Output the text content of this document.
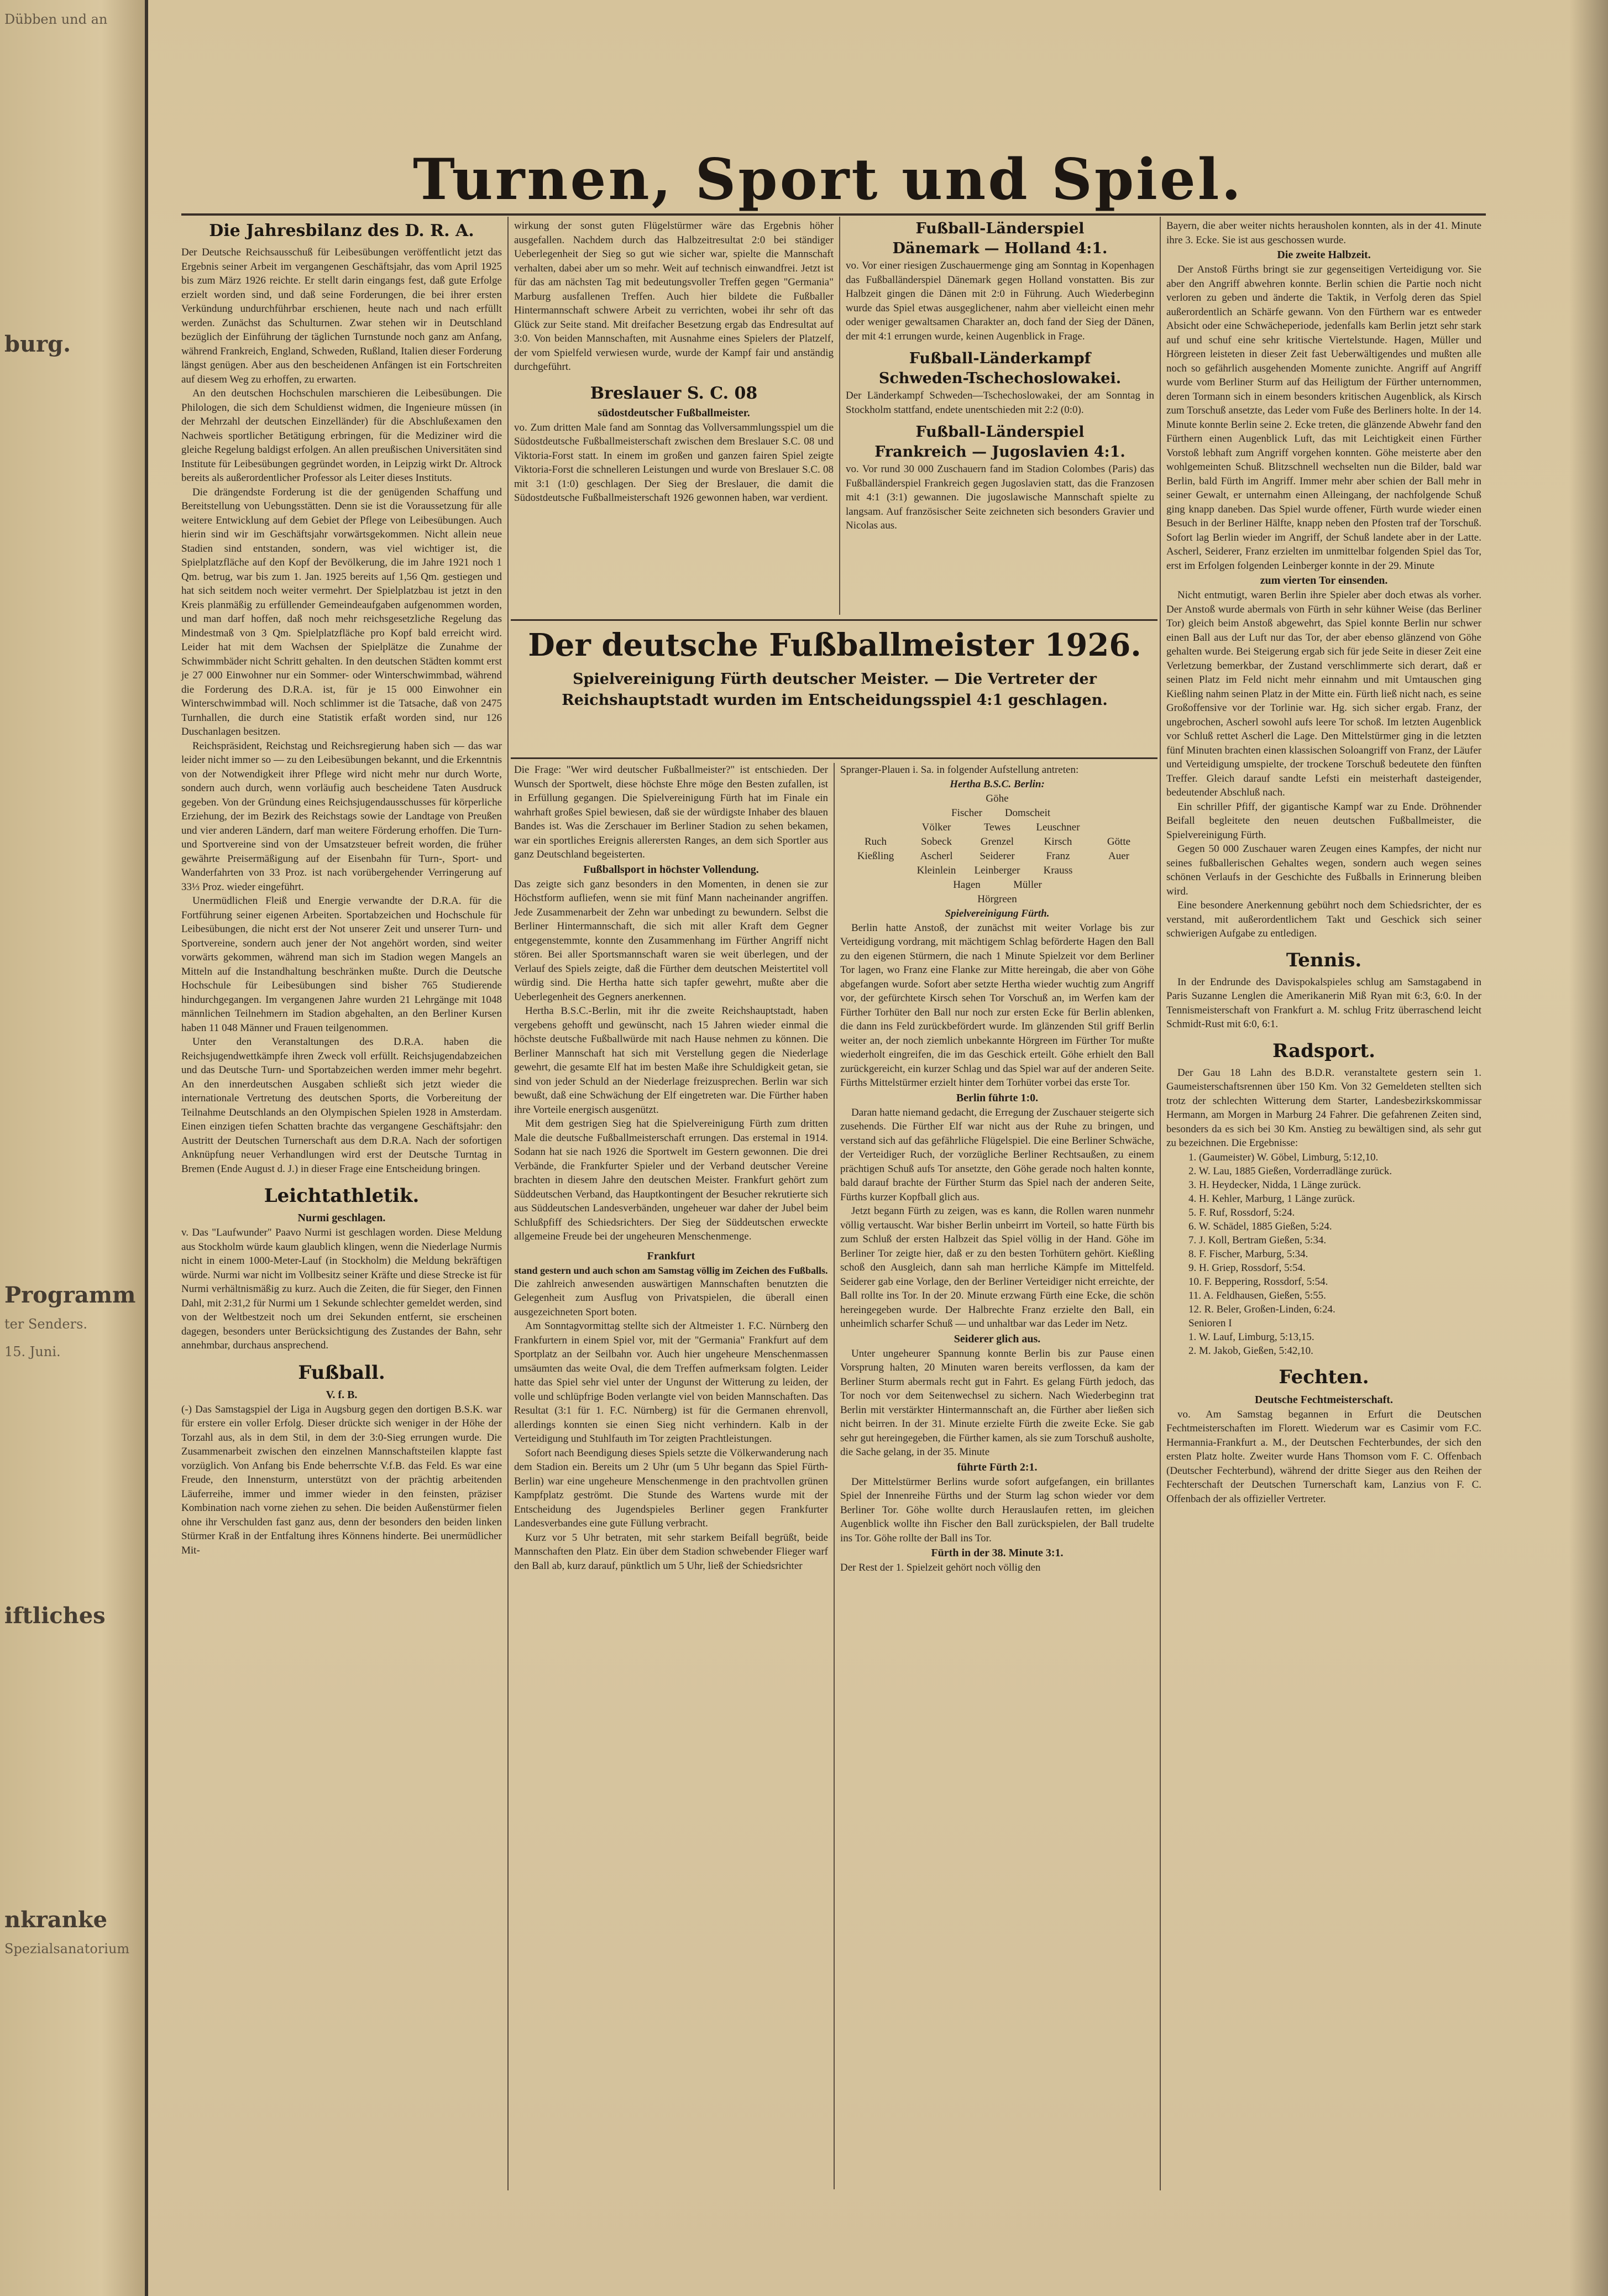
Dübben und an
burg.
Programm
ter Senders.
15. Juni.
iftliches
nkranke
Spezialsanatorium
Turnen, Sport und Spiel.
Die Jahresbilanz des D. R. A.

Der Deutsche Reichsausschuß für Leibesübungen veröffentlicht jetzt das Ergebnis seiner Arbeit im vergangenen Geschäftsjahr, das vom April 1925 bis zum März 1926 reichte. Er stellt darin eingangs fest, daß gute Erfolge erzielt worden sind, und daß seine Forderungen, die bei ihrer ersten Verkündung undurchführbar erschienen, heute nach und nach erfüllt werden. Zunächst das Schulturnen. Zwar stehen wir in Deutschland bezüglich der Einführung der täglichen Turnstunde noch ganz am Anfang, während Frankreich, England, Schweden, Rußland, Italien dieser Forderung längst genügen. Aber aus den bescheidenen Anfängen ist ein Fortschreiten auf diesem Weg zu erhoffen, zu erwarten.

An den deutschen Hochschulen marschieren die Leibesübungen. Die Philologen, die sich dem Schuldienst widmen, die Ingenieure müssen (in der Mehrzahl der deutschen Einzelländer) für die Abschlußexamen den Nachweis sportlicher Betätigung erbringen, für die Mediziner wird die gleiche Regelung baldigst erfolgen. An allen preußischen Universitäten sind Institute für Leibesübungen gegründet worden, in Leipzig wirkt Dr. Altrock bereits als außerordentlicher Professor als Leiter dieses Instituts.

Die drängendste Forderung ist die der genügenden Schaffung und Bereitstellung von Uebungsstätten. Denn sie ist die Voraussetzung für alle weitere Entwicklung auf dem Gebiet der Pflege von Leibesübungen. Auch hierin sind wir im Geschäftsjahr vorwärtsgekommen. Nicht allein neue Stadien sind entstanden, sondern, was viel wichtiger ist, die Spielplatzfläche auf den Kopf der Bevölkerung, die im Jahre 1921 noch 1 Qm. betrug, war bis zum 1. Jan. 1925 bereits auf 1,56 Qm. gestiegen und hat sich seitdem noch weiter vermehrt. Der Spielplatzbau ist jetzt in den Kreis planmäßig zu erfüllender Gemeindeaufgaben aufgenommen worden, und man darf hoffen, daß noch mehr reichsgesetzliche Regelung das Mindestmaß von 3 Qm. Spielplatzfläche pro Kopf bald erreicht wird. Leider hat mit dem Wachsen der Spielplätze die Zunahme der Schwimmbäder nicht Schritt gehalten. In den deutschen Städten kommt erst je 27 000 Einwohner nur ein Sommer- oder Winterschwimmbad, während die Forderung des D.R.A. ist, für je 15 000 Einwohner ein Winterschwimmbad will. Noch schlimmer ist die Tatsache, daß von 2475 Turnhallen, die durch eine Statistik erfaßt worden sind, nur 126 Duschanlagen besitzen.

Reichspräsident, Reichstag und Reichsregierung haben sich — das war leider nicht immer so — zu den Leibesübungen bekannt, und die Erkenntnis von der Notwendigkeit ihrer Pflege wird nicht mehr nur durch Worte, sondern auch durch, wenn vorläufig auch bescheidene Taten Ausdruck gegeben. Von der Gründung eines Reichsjugendausschusses für körperliche Erziehung, der im Bezirk des Reichstags sowie der Landtage von Preußen und vier anderen Ländern, darf man weitere Förderung erhoffen. Die Turn- und Sportvereine sind von der Umsatzsteuer befreit worden, die früher gewährte Preisermäßigung auf der Eisenbahn für Turn-, Sport- und Wanderfahrten von 33 Proz. ist nach vorübergehender Verringerung auf 33⅓ Proz. wieder eingeführt.

Unermüdlichen Fleiß und Energie verwandte der D.R.A. für die Fortführung seiner eigenen Arbeiten. Sportabzeichen und Hochschule für Leibesübungen, die nicht erst der Not unserer Zeit und unserer Turn- und Sportvereine, sondern auch jener der Not angehört worden, sind weiter vorwärts gekommen, während man sich im Stadion wegen Mangels an Mitteln auf die Instandhaltung beschränken mußte. Durch die Deutsche Hochschule für Leibesübungen sind bisher 765 Studierende hindurchgegangen. Im vergangenen Jahre wurden 21 Lehrgänge mit 1048 männlichen Teilnehmern im Stadion abgehalten, an den Berliner Kursen haben 11 048 Männer und Frauen teilgenommen.

Unter den Veranstaltungen des D.R.A. haben die Reichsjugendwettkämpfe ihren Zweck voll erfüllt. Reichsjugendabzeichen und das Deutsche Turn- und Sportabzeichen werden immer mehr begehrt. An den innerdeutschen Ausgaben schließt sich jetzt wieder die internationale Vertretung des deutschen Sports, die Vorbereitung der Teilnahme Deutschlands an den Olympischen Spielen 1928 in Amsterdam. Einen einzigen tiefen Schatten brachte das vergangene Geschäftsjahr: den Austritt der Deutschen Turnerschaft aus dem D.R.A. Nach der sofortigen Anknüpfung neuer Verhandlungen wird erst der Deutsche Turntag in Bremen (Ende August d. J.) in dieser Frage eine Entscheidung bringen.

Leichtathletik.
Nurmi geschlagen.

v. Das "Laufwunder" Paavo Nurmi ist geschlagen worden. Diese Meldung aus Stockholm würde kaum glaublich klingen, wenn die Niederlage Nurmis nicht in einem 1000-Meter-Lauf (in Stockholm) die Meldung bekräftigen würde. Nurmi war nicht im Vollbesitz seiner Kräfte und diese Strecke ist für Nurmi verhältnismäßig zu kurz. Auch die Zeiten, die für Sieger, den Finnen Dahl, mit 2:31,2 für Nurmi um 1 Sekunde schlechter gemeldet werden, sind von der Weltbestzeit noch um drei Sekunden entfernt, sie erscheinen dagegen, besonders unter Berücksichtigung des Zustandes der Bahn, sehr annehmbar, durchaus ansprechend.

Fußball.
V. f. B.

(-) Das Samstagspiel der Liga in Augsburg gegen den dortigen B.S.K. war für erstere ein voller Erfolg. Dieser drückte sich weniger in der Höhe der Torzahl aus, als in dem Stil, in dem der 3:0-Sieg errungen wurde. Die Zusammenarbeit zwischen den einzelnen Mannschaftsteilen klappte fast vorzüglich. Von Anfang bis Ende beherrschte V.f.B. das Feld. Es war eine Freude, den Innensturm, unterstützt von der prächtig arbeitenden Läuferreihe, immer und immer wieder in den feinsten, präziser Kombination nach vorne ziehen zu sehen. Die beiden Außenstürmer fielen ohne ihr Verschulden fast ganz aus, denn der besonders den beiden linken Stürmer Kraß in der Entfaltung ihres Könnens hinderte. Bei unermüdlicher Mit-

wirkung der sonst guten Flügelstürmer wäre das Ergebnis höher ausgefallen. Nachdem durch das Halbzeitresultat 2:0 bei ständiger Ueberlegenheit der Sieg so gut wie sicher war, spielte die Mannschaft verhalten, dabei aber um so mehr. Weit auf technisch einwandfrei. Jetzt ist für das am nächsten Tag mit bedeutungsvoller Treffen gegen "Germania" Marburg ausfallenen Treffen. Auch hier bildete die Fußballer Hintermannschaft schwere Arbeit zu verrichten, wobei ihr sehr oft das Glück zur Seite stand. Mit dreifacher Besetzung ergab das Endresultat auf 3:0. Von beiden Mannschaften, mit Ausnahme eines Spielers der Platzelf, der vom Spielfeld verwiesen wurde, wurde der Kampf fair und anständig durchgeführt.

Breslauer S. C. 08
südostdeutscher Fußballmeister.

vo. Zum dritten Male fand am Sonntag das Vollversammlungsspiel um die Südostdeutsche Fußballmeisterschaft zwischen dem Breslauer S.C. 08 und Viktoria-Forst statt. In einem im großen und ganzen fairen Spiel zeigte Viktoria-Forst die schnelleren Leistungen und wurde von Breslauer S.C. 08 mit 3:1 (1:0) geschlagen. Der Sieg der Breslauer, die damit die Südostdeutsche Fußballmeisterschaft 1926 gewonnen haben, war verdient.

Fußball-Länderspiel
Dänemark — Holland 4:1.

vo. Vor einer riesigen Zuschauermenge ging am Sonntag in Kopenhagen das Fußballänderspiel Dänemark gegen Holland vonstatten. Bis zur Halbzeit gingen die Dänen mit 2:0 in Führung. Auch Wiederbeginn wurde das Spiel etwas ausgeglichener, nahm aber vielleicht einen mehr oder weniger gewaltsamen Charakter an, doch fand der Sieg der Dänen, der mit 4:1 errungen wurde, keinen Augenblick in Frage.

Fußball-Länderkampf
Schweden-Tschechoslowakei.

Der Länderkampf Schweden—Tschechoslowakei, der am Sonntag in Stockholm stattfand, endete unentschieden mit 2:2 (0:0).

Fußball-Länderspiel
Frankreich — Jugoslavien 4:1.

vo. Vor rund 30 000 Zuschauern fand im Stadion Colombes (Paris) das Fußballänderspiel Frankreich gegen Jugoslavien statt, das die Franzosen mit 4:1 (3:1) gewannen. Die jugoslawische Mannschaft spielte zu langsam. Auf französischer Seite zeichneten sich besonders Gravier und Nicolas aus.

Der deutsche Fußballmeister 1926.
Spielvereinigung Fürth deutscher Meister. — Die Vertreter der Reichshauptstadt wurden im Entscheidungsspiel 4:1 geschlagen.

Die Frage: "Wer wird deutscher Fußballmeister?" ist entschieden. Der Wunsch der Sportwelt, diese höchste Ehre möge den Besten zufallen, ist in Erfüllung gegangen. Die Spielvereinigung Fürth hat im Finale ein wahrhaft großes Spiel bewiesen, daß sie der würdigste Inhaber des blauen Bandes ist. Was die Zerschauer im Berliner Stadion zu sehen bekamen, war ein sportliches Ereignis allerersten Ranges, an dem sich Sportler aus ganz Deutschland begeisterten.

Fußballsport in höchster Vollendung.

Das zeigte sich ganz besonders in den Momenten, in denen sie zur Höchstform aufliefen, wenn sie mit fünf Mann nacheinander angriffen. Jede Zusammenarbeit der Zehn war unbedingt zu bewundern. Selbst die Berliner Hintermannschaft, die sich mit aller Kraft dem Gegner entgegenstemmte, konnte den Zusammenhang im Fürther Angriff nicht stören. Bei aller Sportsmannschaft waren sie weit überlegen, und der Verlauf des Spiels zeigte, daß die Fürther dem deutschen Meistertitel voll würdig sind. Die Hertha hatte sich tapfer gewehrt, mußte aber die Ueberlegenheit des Gegners anerkennen.

Hertha B.S.C.-Berlin, mit ihr die zweite Reichshauptstadt, haben vergebens gehofft und gewünscht, nach 15 Jahren wieder einmal die höchste deutsche Fußballwürde mit nach Hause nehmen zu können. Die Berliner Mannschaft hat sich mit Verstellung gegen die Niederlage gewehrt, die gesamte Elf hat im besten Maße ihre Schuldigkeit getan, sie sind von jeder Schuld an der Niederlage freizusprechen. Berlin war sich bewußt, daß eine Schwächung der Elf eingetreten war. Die Fürther haben ihre Vorteile energisch ausgenützt.

Mit dem gestrigen Sieg hat die Spielvereinigung Fürth zum dritten Male die deutsche Fußballmeisterschaft errungen. Das erstemal in 1914. Sodann hat sie nach 1926 die Sportwelt im Gestern gewonnen. Die drei Verbände, die Frankfurter Spieler und der Verband deutscher Vereine brachten in diesem Jahre den deutschen Meister. Frankfurt gehört zum Süddeutschen Verband, das Hauptkontingent der Besucher rekrutierte sich aus Süddeutschen Landesverbänden, ungeheuer war daher der Jubel beim Schlußpfiff des Schiedsrichters. Der Sieg der Süddeutschen erweckte allgemeine Freude bei der ungeheuren Menschenmenge.

Frankfurt
stand gestern und auch schon am Samstag völlig im Zeichen des Fußballs.

Die zahlreich anwesenden auswärtigen Mannschaften benutzten die Gelegenheit zum Ausflug von Privatspielen, die überall einen ausgezeichneten Sport boten.

Am Sonntagvormittag stellte sich der Altmeister 1. F.C. Nürnberg den Frankfurtern in einem Spiel vor, mit der "Germania" Frankfurt auf dem Sportplatz an der Seilbahn vor. Auch hier ungeheure Menschenmassen umsäumten das weite Oval, die dem Treffen aufmerksam folgten. Leider hatte das Spiel sehr viel unter der Ungunst der Witterung zu leiden, der volle und schlüpfrige Boden verlangte viel von beiden Mannschaften. Das Resultat (3:1 für 1. F.C. Nürnberg) ist für die Germanen ehrenvoll, allerdings konnten sie einen Sieg nicht verhindern. Kalb in der Verteidigung und Stuhlfauth im Tor zeigten Prachtleistungen.

Sofort nach Beendigung dieses Spiels setzte die Völkerwanderung nach dem Stadion ein. Bereits um 2 Uhr (um 5 Uhr begann das Spiel Fürth-Berlin) war eine ungeheure Menschenmenge in den prachtvollen grünen Kampfplatz geströmt. Die Stunde des Wartens wurde mit der Entscheidung des Jugendspieles Berliner gegen Frankfurter Landesverbandes eine gute Füllung verbracht.

Kurz vor 5 Uhr betraten, mit sehr starkem Beifall begrüßt, beide Mannschaften den Platz. Ein über dem Stadion schwebender Flieger warf den Ball ab, kurz darauf, pünktlich um 5 Uhr, ließ der Schiedsrichter

Spranger-Plauen i. Sa. in folgender Aufstellung antreten:

Hertha B.S.C. Berlin:
Göhe
Fischer Domscheit
Völker	Tewes Leuschner
Ruch	Sobeck	Grenzel	Kirsch	Götte
Kießling Ascherl	Seiderer	Franz	Auer
Kleinlein Leinberger Krauss
Hagen	Müller
Hörgreen
Spielvereinigung Fürth.

Berlin hatte Anstoß, der zunächst mit weiter Vorlage bis zur Verteidigung vordrang, mit mächtigem Schlag beförderte Hagen den Ball zu den eigenen Stürmern, die nach 1 Minute Spielzeit vor dem Berliner Tor lagen, wo Franz eine Flanke zur Mitte hereingab, die aber von Göhe abgefangen wurde. Sofort aber setzte Hertha wieder wuchtig zum Angriff vor, der gefürchtete Kirsch sehen Tor Vorschuß an, im Werfen kam der Fürther Torhüter den Ball nur noch zur ersten Ecke für Berlin ablenken, die dann ins Feld zurückbefördert wurde. Im glänzenden Stil griff Berlin weiter an, der noch ziemlich unbekannte Hörgreen im Fürther Tor mußte wiederholt eingreifen, die im das Geschick erteilt. Göhe erhielt den Ball zurückgereicht, ein kurzer Schlag und das Spiel war auf der anderen Seite. Fürths Mittelstürmer erzielt hinter dem Torhüter vorbei das erste Tor.

Berlin führte 1:0.

Daran hatte niemand gedacht, die Erregung der Zuschauer steigerte sich zusehends. Die Fürther Elf war nicht aus der Ruhe zu bringen, und verstand sich auf das gefährliche Flügelspiel. Die eine Berliner Schwäche, der Verteidiger Ruch, der vorzügliche Berliner Rechtsaußen, zu einem prächtigen Schuß aufs Tor ansetzte, den Göhe gerade noch halten konnte, bald darauf brachte der Fürther Sturm das Spiel nach der anderen Seite, Fürths kurzer Kopfball glich aus.

Jetzt begann Fürth zu zeigen, was es kann, die Rollen waren nunmehr völlig vertauscht. War bisher Berlin unbeirrt im Vorteil, so hatte Fürth bis zum Schluß der ersten Halbzeit das Spiel völlig in der Hand. Göhe im Berliner Tor zeigte hier, daß er zu den besten Torhütern gehört. Kießling schoß den Ausgleich, dann sah man herrliche Kämpfe im Mittelfeld. Seiderer gab eine Vorlage, den der Berliner Verteidiger nicht erreichte, der Ball rollte ins Tor. In der 20. Minute erzwang Fürth eine Ecke, die schön hereingegeben wurde. Der Halbrechte Franz erzielte den Ball, ein unheimlich scharfer Schuß — und unhaltbar war das Leder im Netz.

Seiderer glich aus.

Unter ungeheurer Spannung konnte Berlin bis zur Pause einen Vorsprung halten, 20 Minuten waren bereits verflossen, da kam der Berliner Sturm abermals recht gut in Fahrt. Es gelang Fürth jedoch, das Tor noch vor dem Seitenwechsel zu sichern. Nach Wiederbeginn trat Berlin mit verstärkter Hintermannschaft an, die Fürther aber ließen sich nicht beirren. In der 31. Minute erzielte Fürth die zweite Ecke. Sie gab sehr gut hereingegeben, die Fürther kamen, als sie zum Torschuß ausholte, die Sache gelang, in der 35. Minute

führte Fürth 2:1.

Der Mittelstürmer Berlins wurde sofort aufgefangen, ein brillantes Spiel der Innenreihe Fürths und der Sturm lag schon wieder vor dem Berliner Tor. Göhe wollte durch Herauslaufen retten, im gleichen Augenblick wollte ihn Fischer den Ball zurückspielen, der Ball trudelte ins Tor. Göhe rollte der Ball ins Tor.

Fürth in der 38. Minute 3:1.

Der Rest der 1. Spielzeit gehört noch völlig den

Bayern, die aber weiter nichts herausholen konnten, als in der 41. Minute ihre 3. Ecke. Sie ist aus geschossen wurde.

Die zweite Halbzeit.

Der Anstoß Fürths bringt sie zur gegenseitigen Verteidigung vor. Sie aber den Angriff abwehren konnte. Berlin schien die Partie noch nicht verloren zu geben und änderte die Taktik, in Verfolg deren das Spiel außerordentlich an Schärfe gewann. Von den Fürthern war es entweder Absicht oder eine Schwächeperiode, jedenfalls kam Berlin jetzt sehr stark auf und schuf eine sehr kritische Viertelstunde. Hagen, Müller und Hörgreen leisteten in dieser Zeit fast Ueberwältigendes und mußten alle noch so gefährlich ausgehenden Momente zunichte. Angriff auf Angriff wurde vom Berliner Sturm auf das Heiligtum der Fürther unternommen, deren Tormann sich in einem besonders kritischen Augenblick, als Kirsch zum Torschuß ansetzte, das Leder vom Fuße des Berliners holte. In der 14. Minute konnte Berlin seine 2. Ecke treten, die glänzende Abwehr fand den Fürthern einen Augenblick Luft, das mit Leichtigkeit einen Fürther Vorstoß lebhaft zum Angriff vorgehen konnten. Göhe meisterte aber den wohlgemeinten Schuß. Blitzschnell wechselten nun die Bilder, bald war Berlin, bald Fürth im Angriff. Immer mehr aber schien der Ball mehr in seiner Gewalt, er unternahm einen Alleingang, der nachfolgende Schuß ging knapp daneben. Das Spiel wurde offener, Fürth wurde wieder einen Besuch in der Berliner Hälfte, knapp neben den Pfosten traf der Torschuß. Sofort lag Berlin wieder im Angriff, der Schuß landete aber in der Latte. Ascherl, Seiderer, Franz erzielten im unmittelbar folgenden Spiel das Tor, erst im Erfolgen folgenden Leinberger konnte in der 29. Minute

zum vierten Tor einsenden.

Nicht entmutigt, waren Berlin ihre Spieler aber doch etwas als vorher. Der Anstoß wurde abermals von Fürth in sehr kühner Weise (das Berliner Tor) gleich beim Anstoß abgewehrt, das Spiel konnte Berlin nur schwer einen Ball aus der Luft nur das Tor, der aber ebenso glänzend von Göhe gehalten wurde. Bei Steigerung ergab sich für jede Seite in dieser Zeit eine Verletzung bemerkbar, der Zustand verschlimmerte sich derart, daß er seinen Platz im Feld nicht mehr einnahm und mit Umtauschen ging Kießling nahm seinen Platz in der Mitte ein. Fürth ließ nicht nach, es seine Großoffensive vor der Torlinie war. Hg. sich sicher ergab. Franz, der ungebrochen, Ascherl sowohl aufs leere Tor schoß. Im letzten Augenblick vor Schluß rettet Ascherl die Lage. Den Mittelstürmer ging in die letzten fünf Minuten brachten einen klassischen Soloangriff von Franz, der Läufer und Verteidigung umspielte, der trockene Torschuß bedeutete den fünften Treffer. Gleich darauf sandte Lefsti ein meisterhaft dasteigender, bedeutender Abschluß nach.

Ein schriller Pfiff, der gigantische Kampf war zu Ende. Dröhnender Beifall begleitete den neuen deutschen Fußballmeister, die Spielvereinigung Fürth.

Gegen 50 000 Zuschauer waren Zeugen eines Kampfes, der nicht nur seines fußballerischen Gehaltes wegen, sondern auch wegen seines schönen Verlaufs in der Geschichte des Fußballs in Erinnerung bleiben wird.

Eine besondere Anerkennung gebührt noch dem Schiedsrichter, der es verstand, mit außerordentlichem Takt und Geschick sich seiner schwierigen Aufgabe zu entledigen.

Tennis.

In der Endrunde des Davispokalspieles schlug am Samstagabend in Paris Suzanne Lenglen die Amerikanerin Miß Ryan mit 6:3, 6:0. In der Tennismeisterschaft von Frankfurt a. M. schlug Fritz überraschend leicht Schmidt-Rust mit 6:0, 6:1.

Radsport.

Der Gau 18 Lahn des B.D.R. veranstaltete gestern sein 1. Gaumeisterschaftsrennen über 150 Km. Von 32 Gemeldeten stellten sich trotz der schlechten Witterung dem Starter, Landesbezirkskommissar Hermann, am Morgen in Marburg 24 Fahrer. Die gefahrenen Zeiten sind, besonders da es sich bei 30 Km. Anstieg zu bewältigen sind, als sehr gut zu bezeichnen. Die Ergebnisse:

1. (Gaumeister) W. Göbel, Limburg, 5:12,10.
2. W. Lau, 1885 Gießen, Vorderradlänge zurück.
3. H. Heydecker, Nidda, 1 Länge zurück.
4. H. Kehler, Marburg, 1 Länge zurück.
5. F. Ruf, Rossdorf, 5:24.
6. W. Schädel, 1885 Gießen, 5:24.
7. J. Koll, Bertram Gießen, 5:34.
8. F. Fischer, Marburg, 5:34.
9. H. Griep, Rossdorf, 5:54.
10. F. Beppering, Rossdorf, 5:54.
11. A. Feldhausen, Gießen, 5:55.
12. R. Beler, Großen-Linden, 6:24.
Senioren I
1. W. Lauf, Limburg, 5:13,15.
2. M. Jakob, Gießen, 5:42,10.
Fechten.
Deutsche Fechtmeisterschaft.

vo. Am Samstag begannen in Erfurt die Deutschen Fechtmeisterschaften im Florett. Wiederum war es Casimir vom F.C. Hermannia-Frankfurt a. M., der Deutschen Fechterbundes, der sich den ersten Platz holte. Zweiter wurde Hans Thomson vom F. C. Offenbach (Deutscher Fechterbund), während der dritte Sieger aus den Reihen der Fechterschaft der Deutschen Turnerschaft kam, Lanzius von F. C. Offenbach der als offizieller Vertreter.
